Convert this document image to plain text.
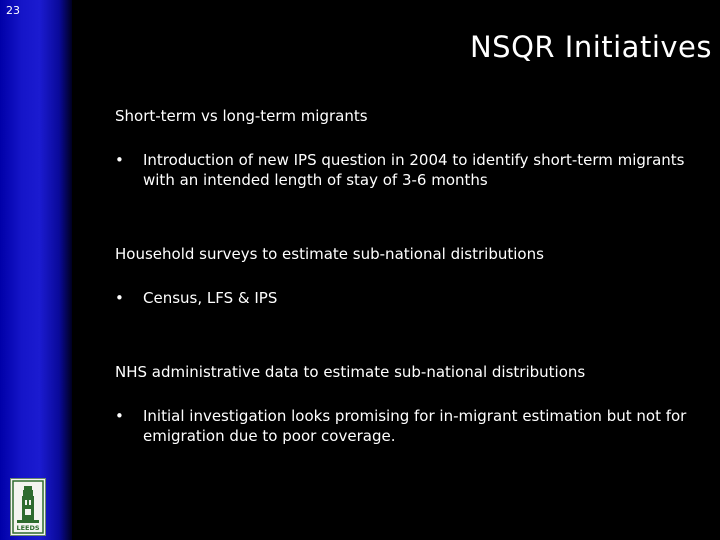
23
LEEDS
NSQR Initiatives

Short-term vs long-term migrants

•	Introduction of new IPS question in 2004 to identify short-term migrants with an intended length of stay of 3-6 months

Household surveys to estimate sub-national distributions

•	Census, LFS & IPS

NHS administrative data to estimate sub-national distributions

•	Initial investigation looks promising for in-migrant estimation but not for emigration due to poor coverage.
